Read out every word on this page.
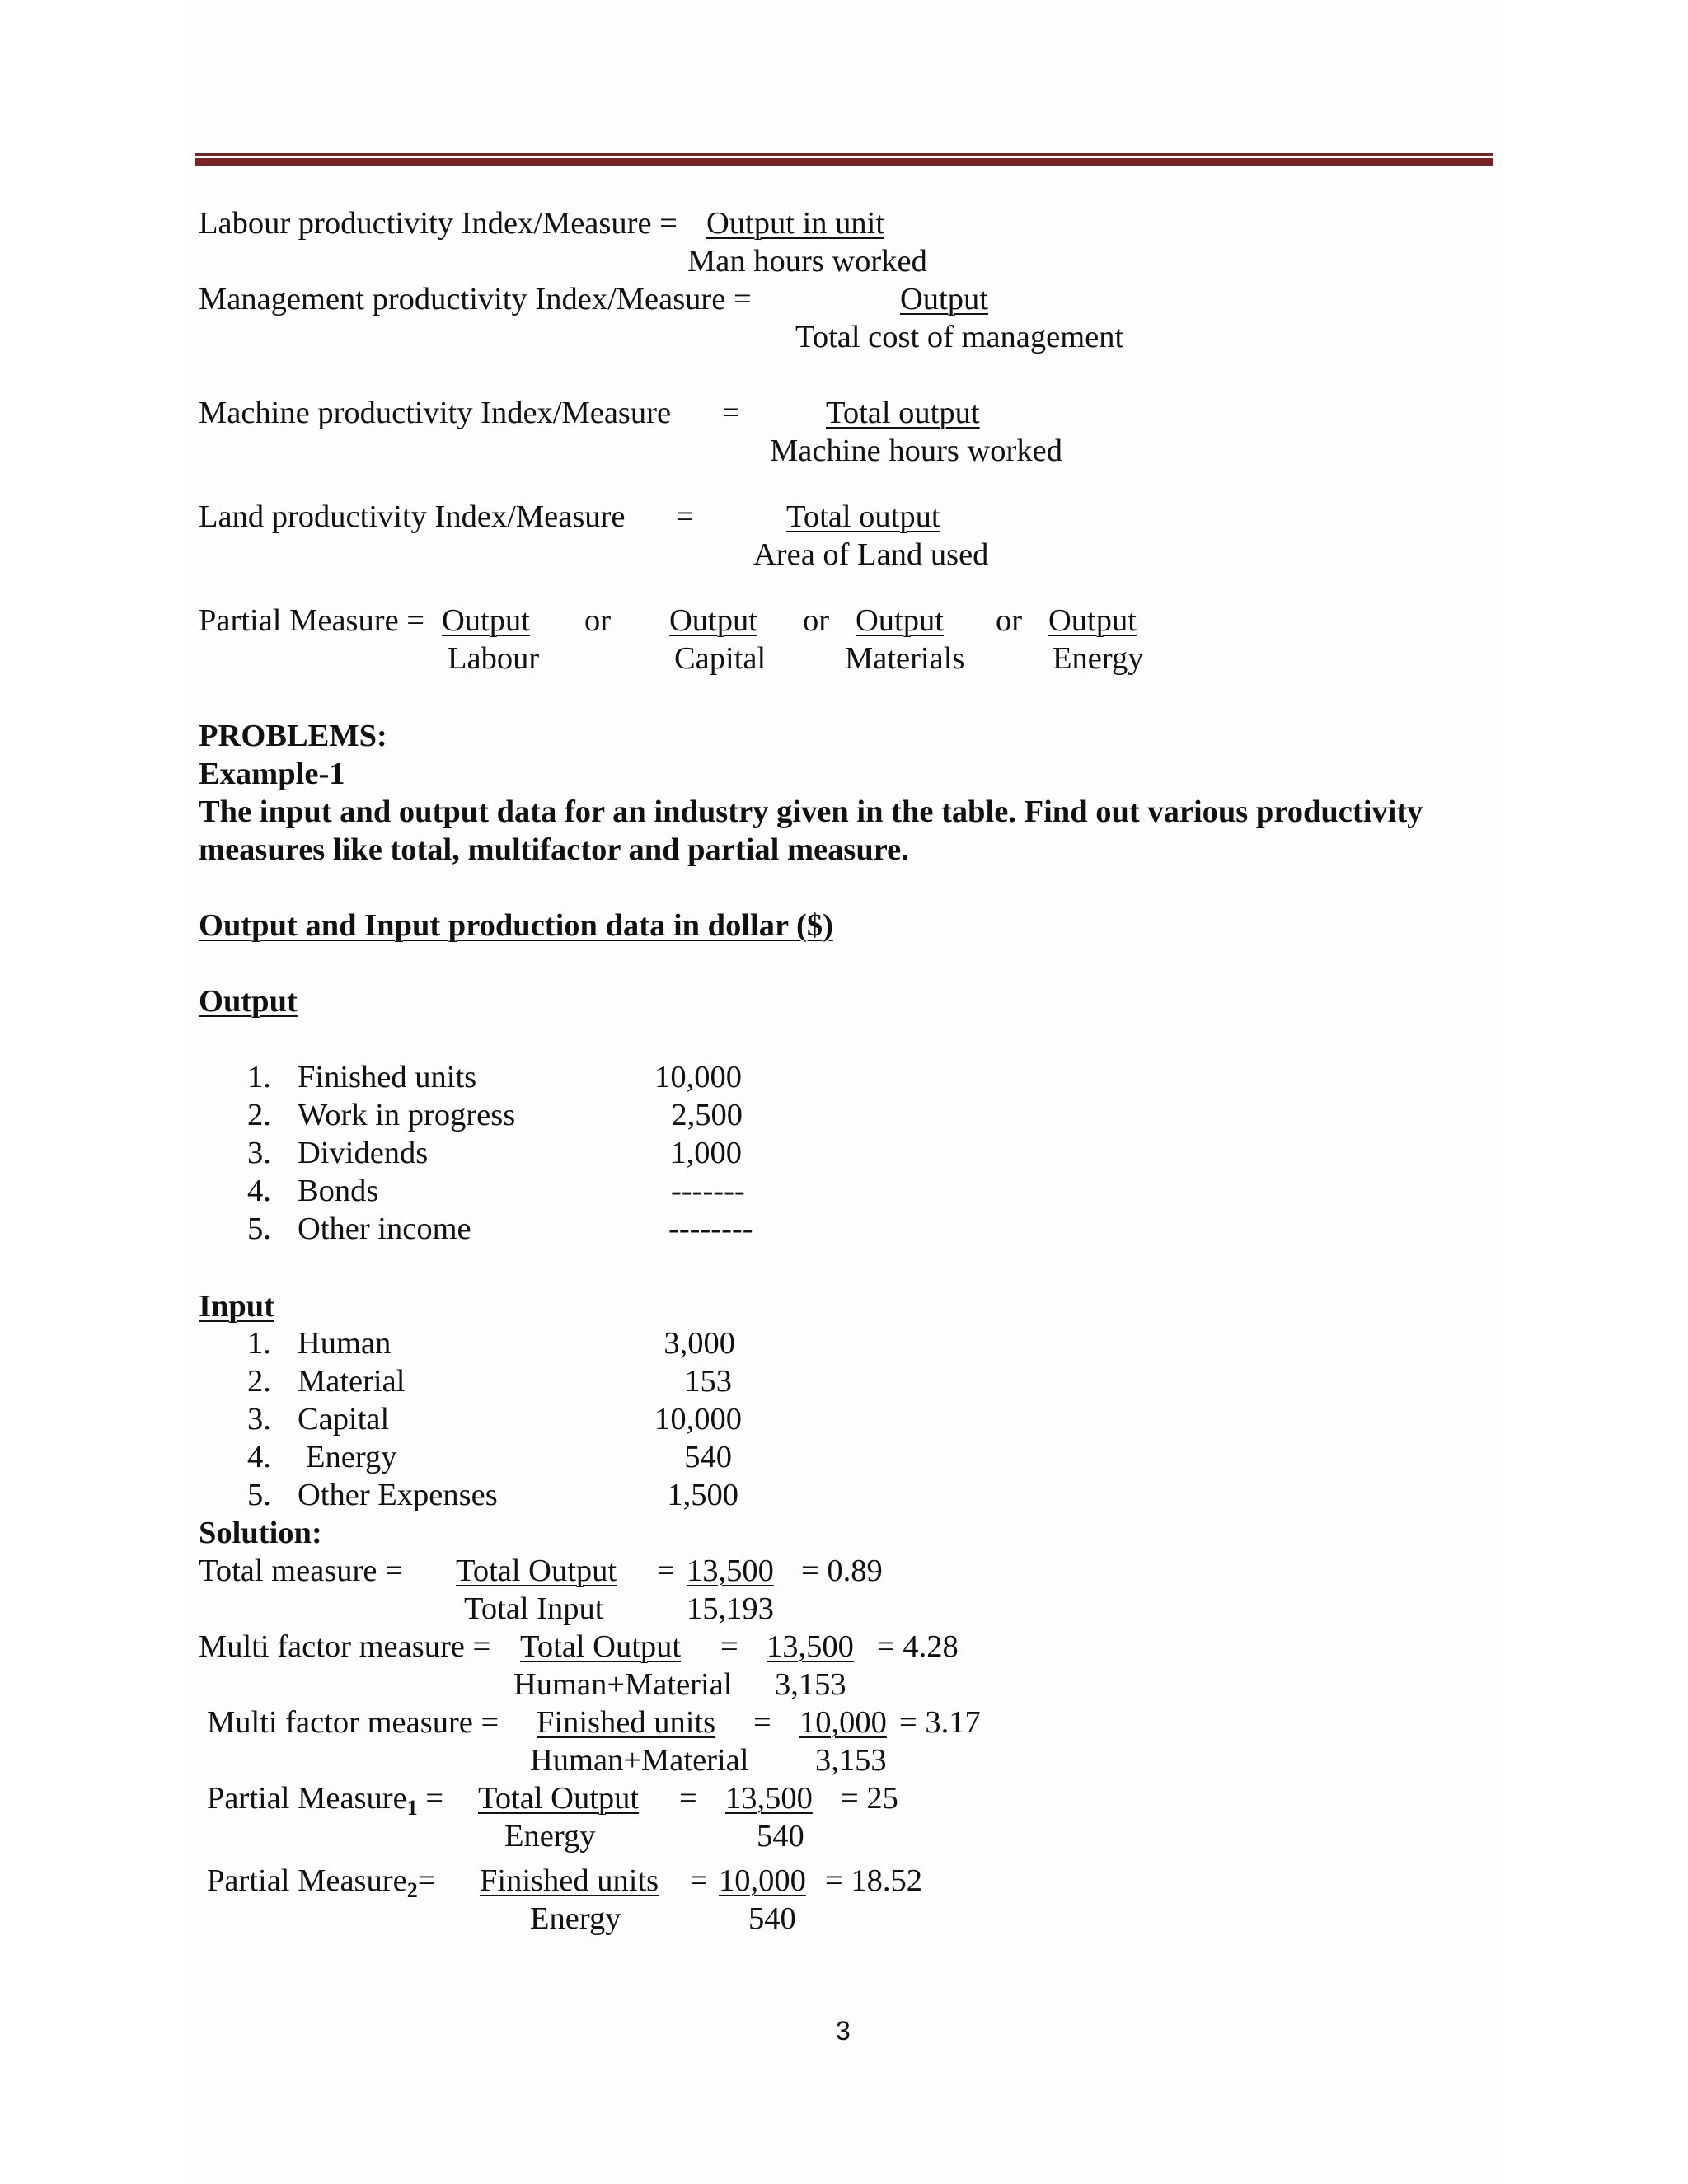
Labour productivity Index/Measure = Output in unit
Man hours worked
Management productivity Index/Measure =	Output
Total cost of management
Machine productivity Index/Measure =	Total output
Machine hours worked
Land productivity Index/Measure =	Total output
Area of Land used
Partial Measure = Output
Labour
or Output
Capital
or Output
Materials
or Output
Energy
PROBLEMS:
Example-1
The input and output data for an industry given in the table. Find out various productivity
measures like total, multifactor and partial measure.
Output and Input production data in dollar ($)
Output
1. Finished units	10,000
2. Work in progress	2,500
3. Dividends	1,000
4. Bonds	-------
5. Other income	--------
Input
1. Human	3,000
2. Material	153
3. Capital	10,000
4. Energy	540
5. Other Expenses	1,500
Solution:
Total measure = Total Output
Total Input
= 13,500
15,193
= 0.89
Multi factor measure = Total Output
Human+Material
= 13,500
3,153
= 4.28
Multi factor measure = Finished units
Human+Material
= 10,000
3,153
= 3.17
Partial Measure$_1$ = Total Output
Energy
= 13,500
540
= 25
Partial Measure$_2$= Finished units
Energy
= 10,000
540
= 18.52
3
